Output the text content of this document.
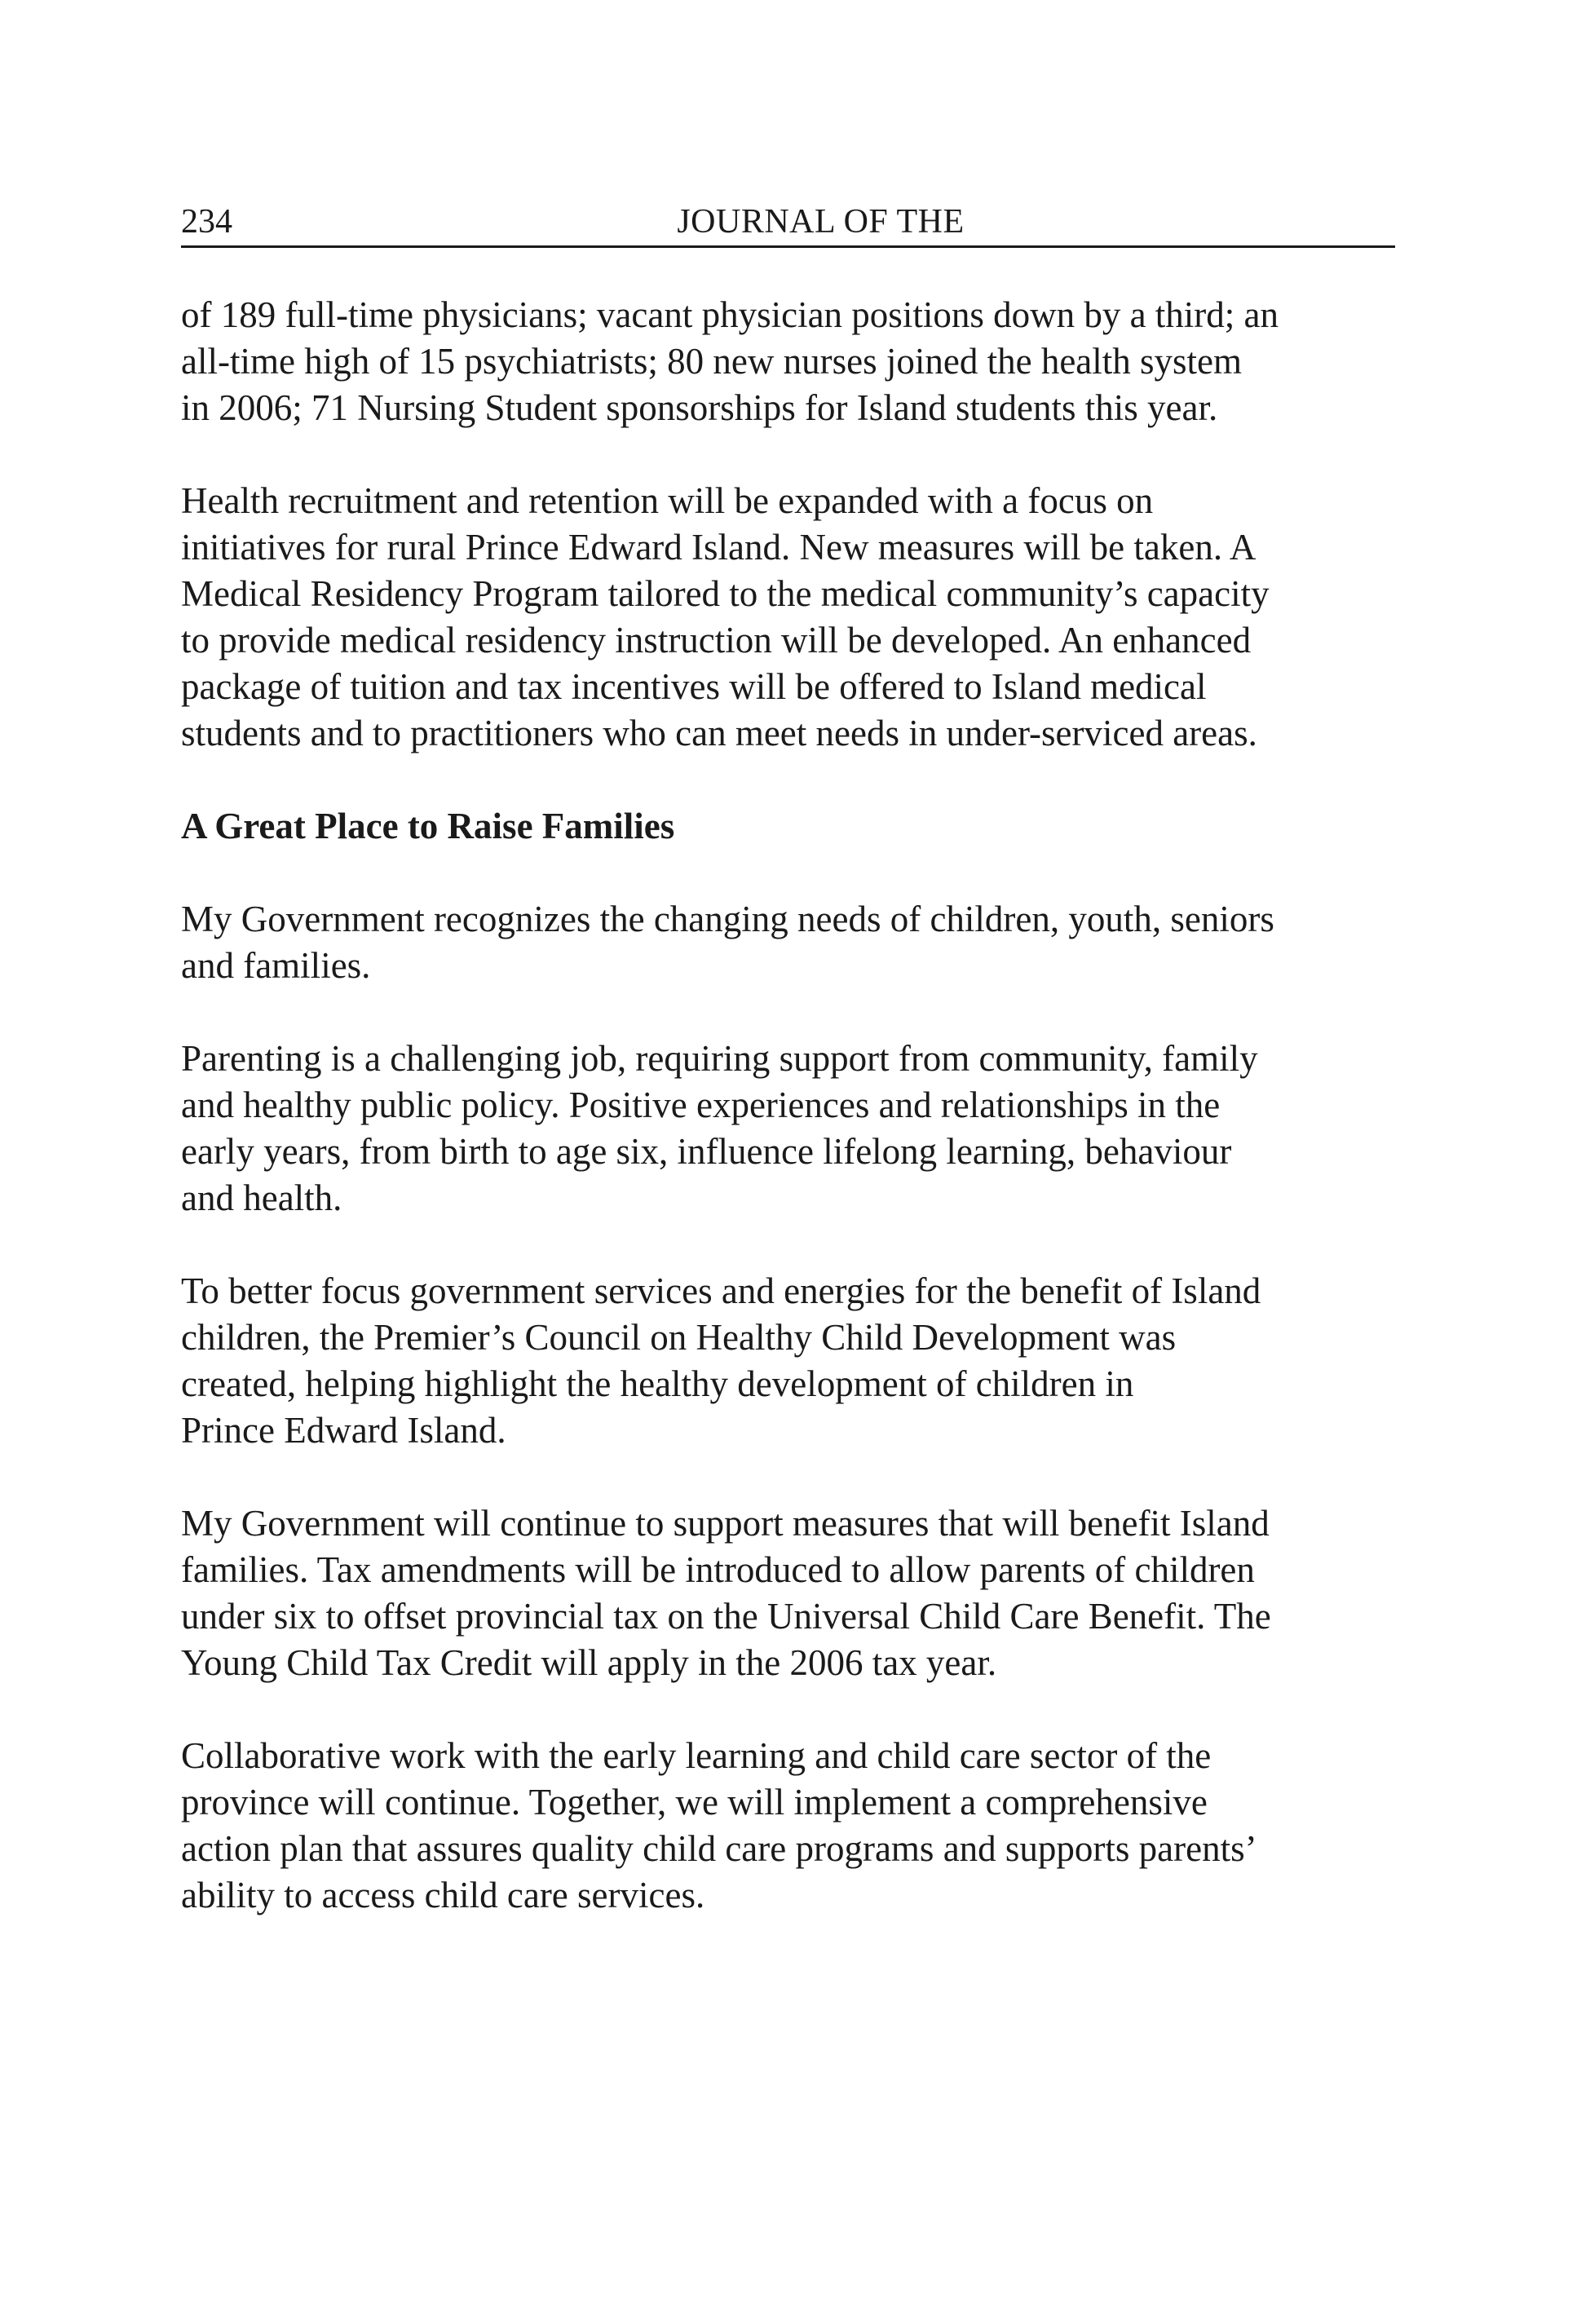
234	JOURNAL OF THE

of 189 full-time physicians; vacant physician positions down by a third; an
all-time high of 15 psychiatrists; 80 new nurses joined the health system
in 2006; 71 Nursing Student sponsorships for Island students this year.

Health recruitment and retention will be expanded with a focus on
initiatives for rural Prince Edward Island. New measures will be taken. A
Medical Residency Program tailored to the medical community’s capacity
to provide medical residency instruction will be developed. An enhanced
package of tuition and tax incentives will be offered to Island medical
students and to practitioners who can meet needs in under-serviced areas.

A Great Place to Raise Families

My Government recognizes the changing needs of children, youth, seniors
and families.

Parenting is a challenging job, requiring support from community, family
and healthy public policy. Positive experiences and relationships in the
early years, from birth to age six, influence lifelong learning, behaviour
and health.

To better focus government services and energies for the benefit of Island
children, the Premier’s Council on Healthy Child Development was
created, helping highlight the healthy development of children in
Prince Edward Island.

My Government will continue to support measures that will benefit Island
families. Tax amendments will be introduced to allow parents of children
under six to offset provincial tax on the Universal Child Care Benefit. The
Young Child Tax Credit will apply in the 2006 tax year.

Collaborative work with the early learning and child care sector of the
province will continue. Together, we will implement a comprehensive
action plan that assures quality child care programs and supports parents’
ability to access child care services.
